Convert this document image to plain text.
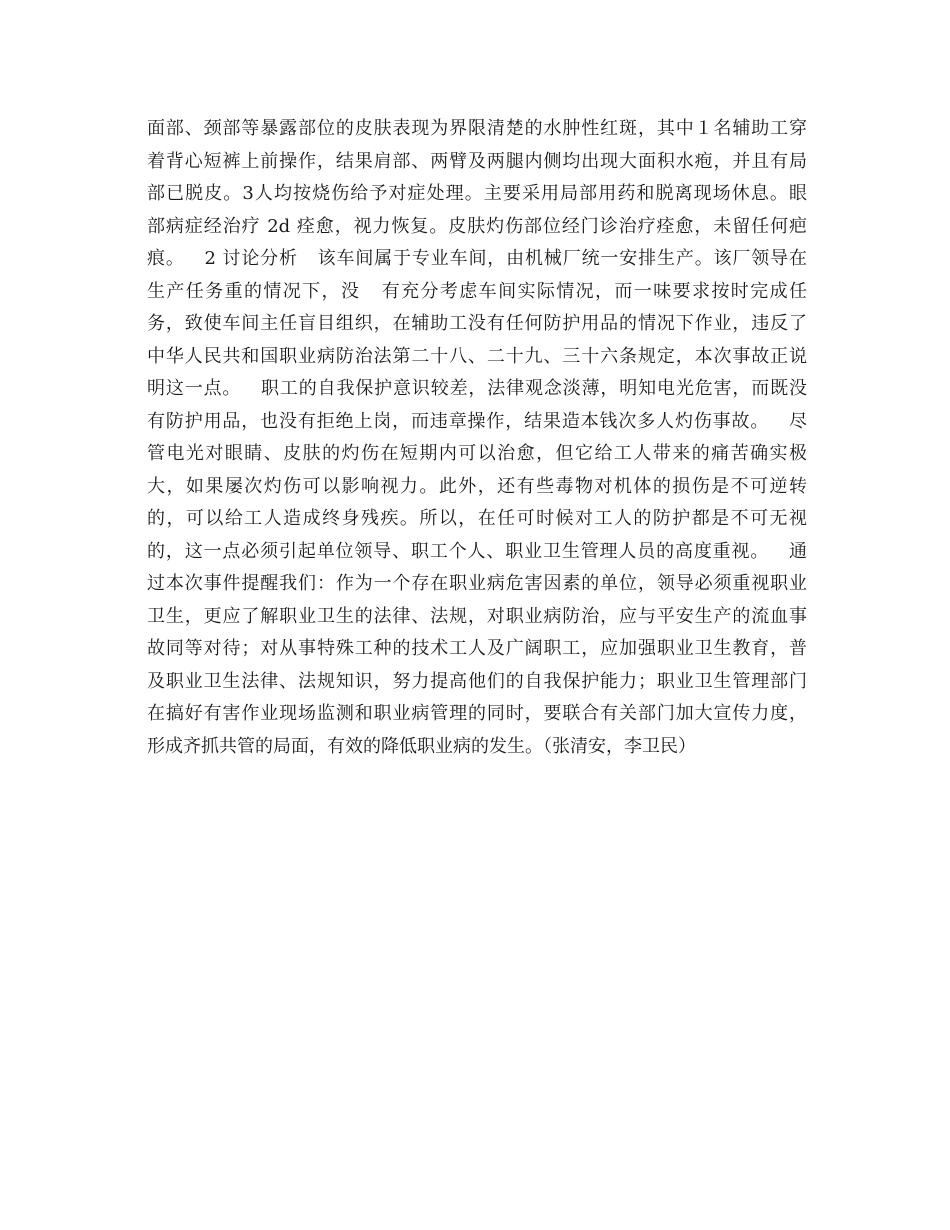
面部、颈部等暴露部位的皮肤表现为界限清楚的水肿性红斑，其中１名辅助工穿
着背心短裤上前操作，结果肩部、两臂及两腿内侧均出现大面积水疱，并且有局
部已脱皮。3人均按烧伤给予对症处理。主要采用局部用药和脱离现场休息。眼
部病症经治疗 2d 痊愈，视力恢复。皮肤灼伤部位经门诊治疗痊愈，未留任何疤
痕。   2 讨论分析   该车间属于专业车间，由机械厂统一安排生产。该厂领导在
生产任务重的情况下，没   有充分考虑车间实际情况，而一味要求按时完成任
务，致使车间主任盲目组织，在辅助工没有任何防护用品的情况下作业，违反了
中华人民共和国职业病防治法第二十八、二十九、三十六条规定，本次事故正说
明这一点。   职工的自我保护意识较差，法律观念淡薄，明知电光危害，而既没
有防护用品，也没有拒绝上岗，而违章操作，结果造本钱次多人灼伤事故。   尽
管电光对眼睛、皮肤的灼伤在短期内可以治愈，但它给工人带来的痛苦确实极
大，如果屡次灼伤可以影响视力。此外，还有些毒物对机体的损伤是不可逆转
的，可以给工人造成终身残疾。所以，在任可时候对工人的防护都是不可无视
的，这一点必须引起单位领导、职工个人、职业卫生管理人员的高度重视。   通
过本次事件提醒我们：作为一个存在职业病危害因素的单位，领导必须重视职业
卫生，更应了解职业卫生的法律、法规，对职业病防治，应与平安生产的流血事
故同等对待；对从事特殊工种的技术工人及广阔职工，应加强职业卫生教育，普
及职业卫生法律、法规知识，努力提高他们的自我保护能力；职业卫生管理部门
在搞好有害作业现场监测和职业病管理的同时，要联合有关部门加大宣传力度，
形成齐抓共管的局面，有效的降低职业病的发生。（张清安，李卫民）
